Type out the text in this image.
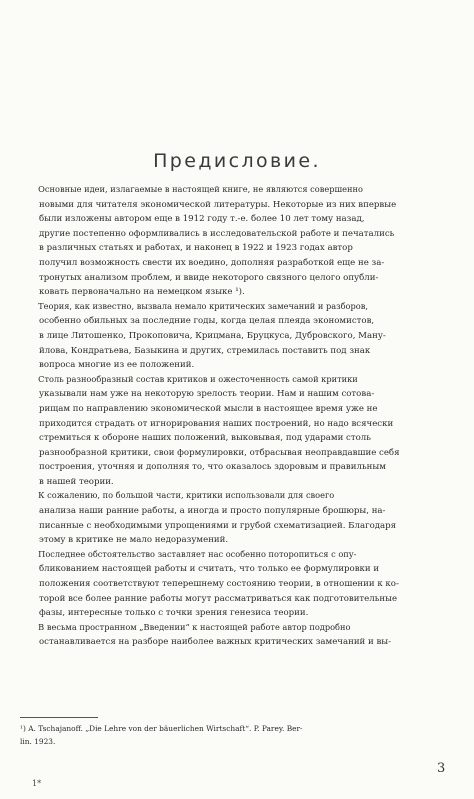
Предисловие.

Основные идеи, излагаемые в настоящей книге, не являются совершенно
новыми для читателя экономической литературы. Некоторые из них впервые
были изложены автором еще в 1912 году т.-е. более 10 лет тому назад,
другие постепенно оформливались в исследовательской работе и печатались
в различных статьях и работах, и наконец в 1922 и 1923 годах автор
получил возможность свести их воедино, дополняя разработкой еще не за-
тронутых анализом проблем, и ввиде некоторого связного целого опубли-
ковать первоначально на немецком языке ¹).

Теория, как известно, вызвала немало критических замечаний и разборов,
особенно обильных за последние годы, когда целая плеяда экономистов,
в лице Литошенко, Прокоповича, Крицмана, Бруцкуса, Дубровского, Ману-
йлова, Кондратьева, Базыкина и других, стремилась поставить под знак
вопроса многие из ее положений.

Столь разнообразный состав критиков и ожесточенность самой критики
указывали нам уже на некоторую зрелость теории. Нам и нашим сотова-
рищам по направлению экономической мысли в настоящее время уже не
приходится страдать от игнорирования наших построений, но надо всячески
стремиться к обороне наших положений, выковывая, под ударами столь
разнообразной критики, свои формулировки, отбрасывая неоправдавшие себя
построения, уточняя и дополняя то, что оказалось здоровым и правильным
в нашей теории.

К сожалению, по большой части, критики использовали для своего
анализа наши ранние работы, а иногда и просто популярные брошюры, на-
писанные с необходимыми упрощениями и грубой схематизацией. Благодаря
этому в критике не мало недоразумений.

Последнее обстоятельство заставляет нас особенно поторопиться с опу-
бликованием настоящей работы и считать, что только ее формулировки и
положения соответствуют теперешнему состоянию теории, в отношении к ко-
торой все более ранние работы могут рассматриваться как подготовительные
фазы, интересные только с точки зрения генезиса теории.

В весьма пространном „Введении“ к настоящей работе автор подробно
останавливается на разборе наиболее важных критических замечаний и вы-

¹) A. Tschajanoff. „Die Lehre von der bäuerlichen Wirtschaft“. P. Parey. Ber-
lin. 1923.
3
1*
